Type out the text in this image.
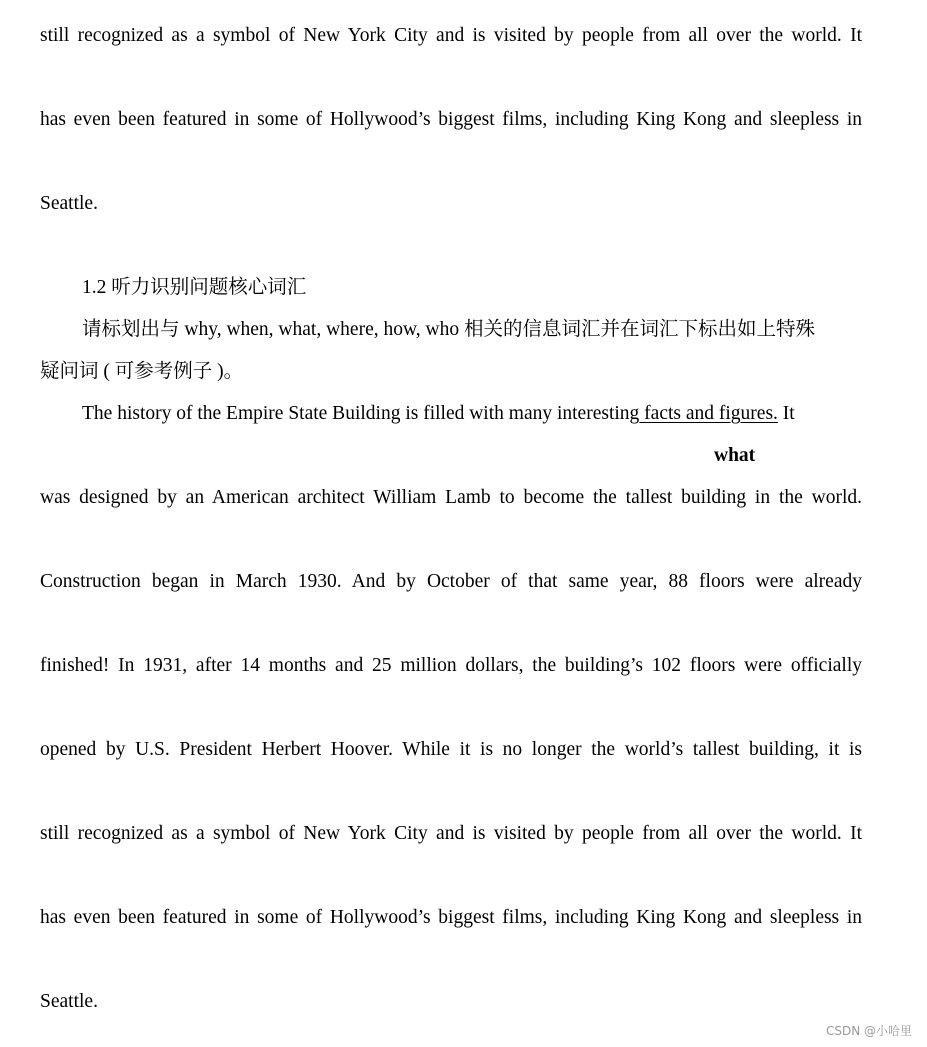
still recognized as a symbol of New York City and is visited by people from all over the world. It

has even been featured in some of Hollywood’s biggest films, including King Kong and sleepless in

Seattle.

1.2 听力识别问题核心词汇

请标划出与 why, when, what, where, how, who 相关的信息词汇并在词汇下标出如上特殊

疑问词 ( 可参考例子 )。

The history of the Empire State Building is filled with many interesting facts and figures. It

what

was designed by an American architect William Lamb to become the tallest building in the world.

Construction began in March 1930. And by October of that same year, 88 floors were already

finished! In 1931, after 14 months and 25 million dollars, the building’s 102 floors were officially

opened by U.S. President Herbert Hoover. While it is no longer the world’s tallest building, it is

still recognized as a symbol of New York City and is visited by people from all over the world. It

has even been featured in some of Hollywood’s biggest films, including King Kong and sleepless in

Seattle.

CSDN @小哈里
